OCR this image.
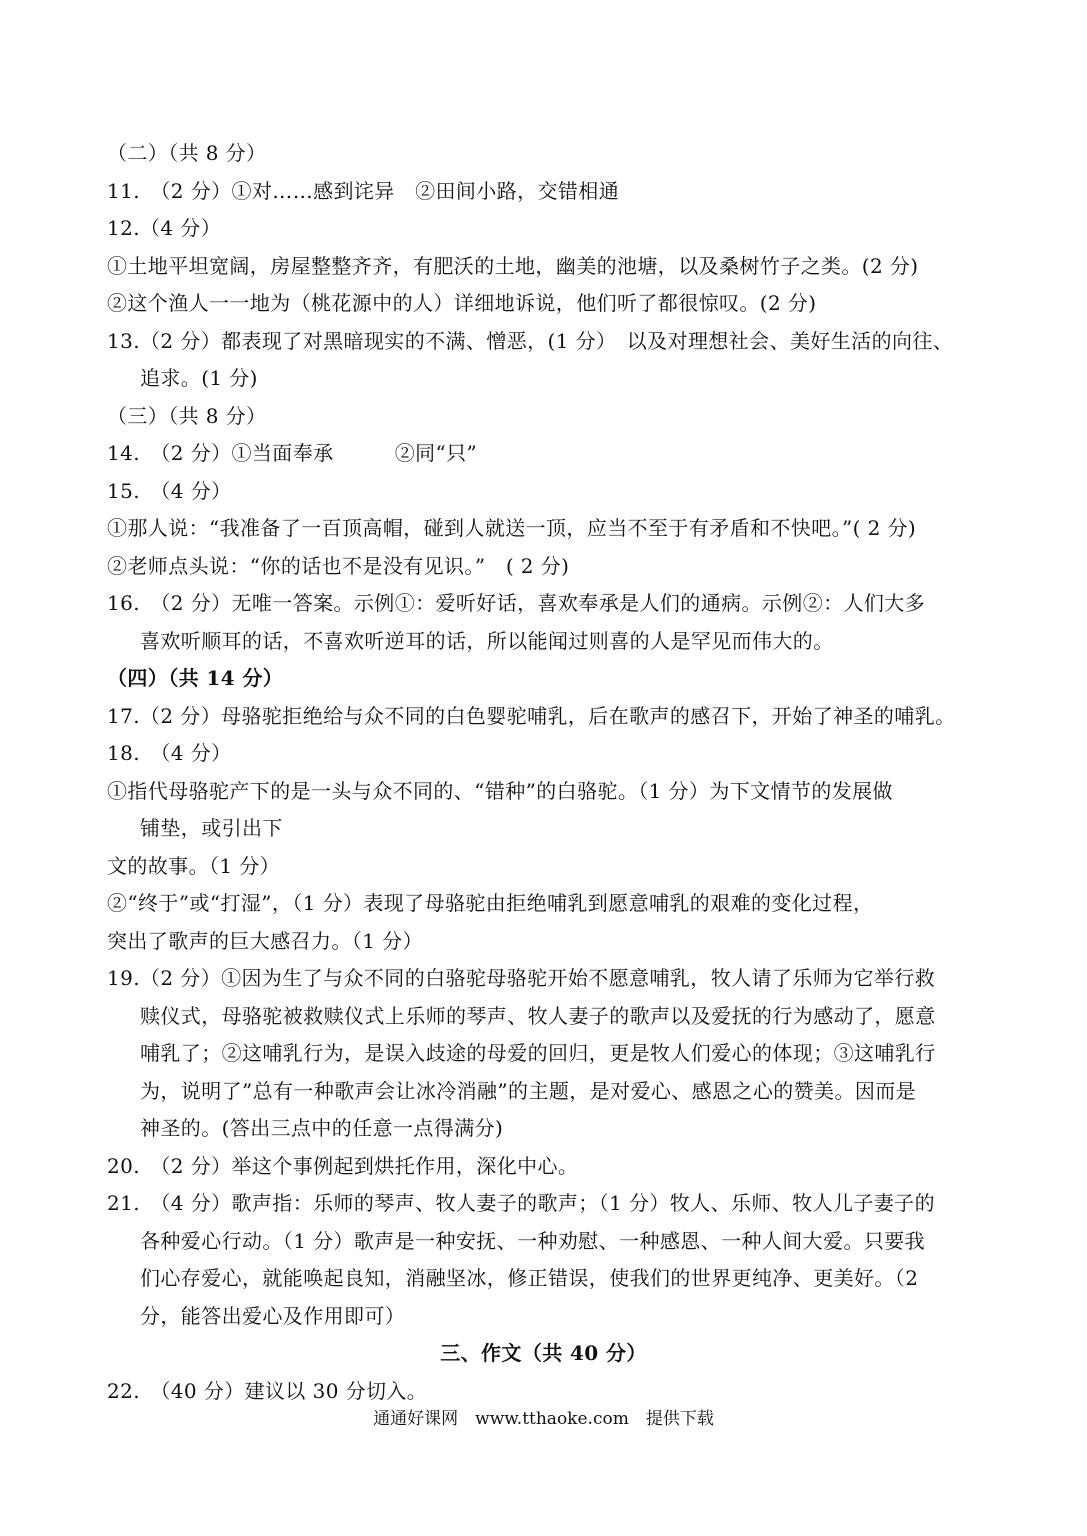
（二）（共 8 分）
11.　（2 分）①对……感到诧异　②田间小路，交错相通
12.（4 分）
①土地平坦宽阔，房屋整整齐齐，有肥沃的土地，幽美的池塘，以及桑树竹子之类。(2 分)
②这个渔人一一地为（桃花源中的人）详细地诉说，他们听了都很惊叹。(2 分)
13.（2 分）都表现了对黑暗现实的不满、憎恶，(1 分）　以及对理想社会、美好生活的向往、
追求。(1 分)
（三）（共 8 分）
14.　（2 分）①当面奉承　　　②同“只”
15.　（4 分）
①那人说：“我准备了一百顶高帽，碰到人就送一顶，应当不至于有矛盾和不快吧。”( 2 分)
②老师点头说：“你的话也不是没有见识。”　( 2 分)
16.　（2 分）无唯一答案。示例①：爱听好话，喜欢奉承是人们的通病。示例②：人们大多
喜欢听顺耳的话，不喜欢听逆耳的话，所以能闻过则喜的人是罕见而伟大的。
（四）（共 14 分）
17.（2 分）母骆驼拒绝给与众不同的白色婴驼哺乳，后在歌声的感召下，开始了神圣的哺乳。
18.　（4 分）
①指代母骆驼产下的是一头与众不同的、“错种”的白骆驼。（1 分）为下文情节的发展做
铺垫，或引出下
文的故事。（1 分）
②“终于”或“打湿”，（1 分）表现了母骆驼由拒绝哺乳到愿意哺乳的艰难的变化过程，
突出了歌声的巨大感召力。（1 分）
19.（2 分）①因为生了与众不同的白骆驼母骆驼开始不愿意哺乳，牧人请了乐师为它举行救
赎仪式，母骆驼被救赎仪式上乐师的琴声、牧人妻子的歌声以及爱抚的行为感动了，愿意
哺乳了；②这哺乳行为，是误入歧途的母爱的回归，更是牧人们爱心的体现；③这哺乳行
为，说明了”总有一种歌声会让冰冷消融”的主题，是对爱心、感恩之心的赞美。因而是
神圣的。(答出三点中的任意一点得满分)
20.　（2 分）举这个事例起到烘托作用，深化中心。
21.　（4 分）歌声指：乐师的琴声、牧人妻子的歌声；（1 分）牧人、乐师、牧人儿子妻子的
各种爱心行动。（1 分）歌声是一种安抚、一种劝慰、一种感恩、一种人间大爱。只要我
们心存爱心，就能唤起良知，消融坚冰，修正错误，使我们的世界更纯净、更美好。（2
分，能答出爱心及作用即可）
三、作文（共 40 分）
22.　（40 分）建议以 30 分切入。
通通好课网　www.tthaoke.com　提供下载
